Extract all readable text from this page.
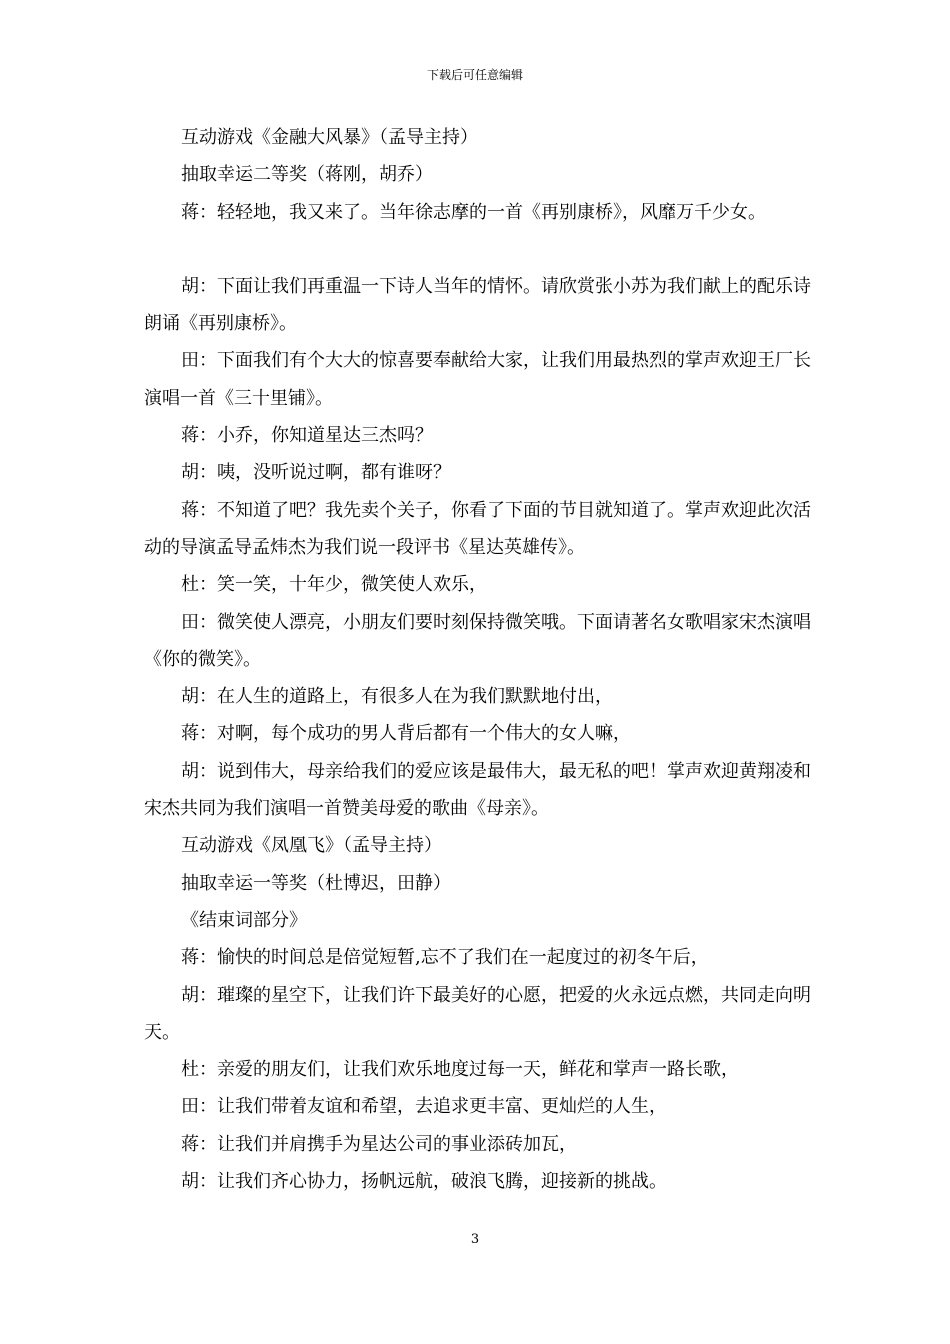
下载后可任意编辑

互动游戏《金融大风暴》（孟导主持）

抽取幸运二等奖（蒋刚，胡乔）

蒋：轻轻地，我又来了。当年徐志摩的一首《再别康桥》，风靡万千少女。

胡：下面让我们再重温一下诗人当年的情怀。请欣赏张小苏为我们献上的配乐诗朗诵《再别康桥》。

田：下面我们有个大大的惊喜要奉献给大家，让我们用最热烈的掌声欢迎王厂长演唱一首《三十里铺》。

蒋：小乔，你知道星达三杰吗？

胡：咦，没听说过啊，都有谁呀？

蒋：不知道了吧？我先卖个关子，你看了下面的节目就知道了。掌声欢迎此次活动的导演孟导孟炜杰为我们说一段评书《星达英雄传》。

杜：笑一笑，十年少，微笑使人欢乐，

田：微笑使人漂亮，小朋友们要时刻保持微笑哦。下面请著名女歌唱家宋杰演唱《你的微笑》。

胡：在人生的道路上，有很多人在为我们默默地付出，

蒋：对啊，每个成功的男人背后都有一个伟大的女人嘛，

胡：说到伟大，母亲给我们的爱应该是最伟大，最无私的吧！掌声欢迎黄翔凌和宋杰共同为我们演唱一首赞美母爱的歌曲《母亲》。

互动游戏《凤凰飞》（孟导主持）

抽取幸运一等奖（杜博迟，田静）

《结束词部分》

蒋：愉快的时间总是倍觉短暂,忘不了我们在一起度过的初冬午后，

胡：璀璨的星空下，让我们许下最美好的心愿，把爱的火永远点燃，共同走向明天。

杜：亲爱的朋友们，让我们欢乐地度过每一天，鲜花和掌声一路长歌，

田：让我们带着友谊和希望，去追求更丰富、更灿烂的人生，

蒋：让我们并肩携手为星达公司的事业添砖加瓦，

胡：让我们齐心协力，扬帆远航，破浪飞腾，迎接新的挑战。

3
